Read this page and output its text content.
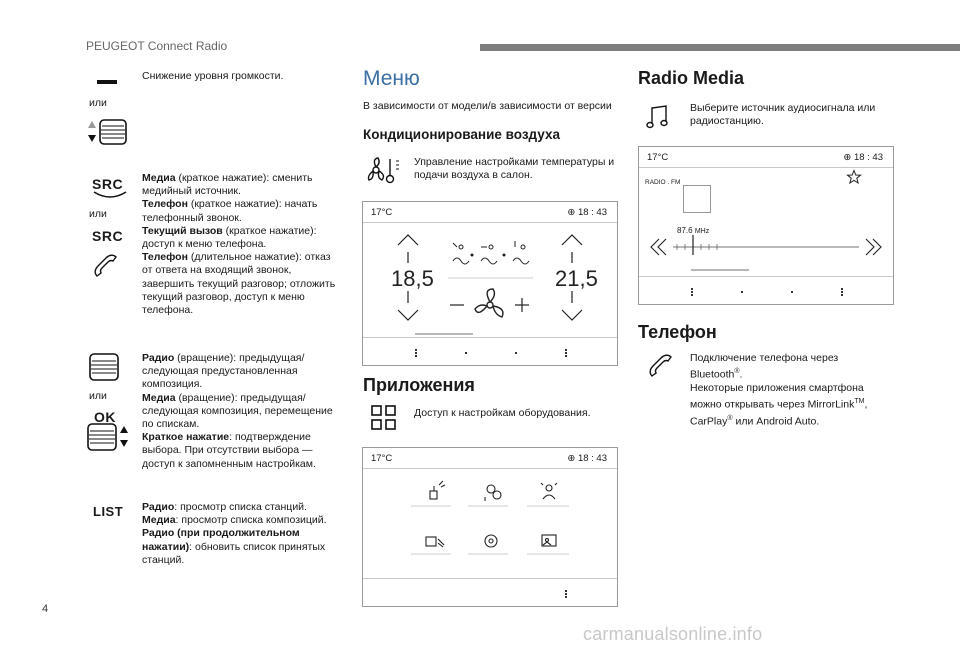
PEUGEOT Connect Radio
Снижение уровня громкости.
или
SRC
или
SRC
Медиа (краткое нажатие): сменить медийный источник.
Телефон (краткое нажатие): начать телефонный звонок.
Текущий вызов (краткое нажатие): доступ к меню телефона.
Телефон (длительное нажатие): отказ от ответа на входящий звонок, завершить текущий разговор; отложить текущий разговор, доступ к меню телефона.
или
OK
Радио (вращение): предыдущая/ следующая предустановленная композиция.
Медиа (вращение): предыдущая/ следующая композиция, перемещение по спискам.
Краткое нажатие: подтверждение выбора. При отсутствии выбора — доступ к запомненным настройкам.
LIST Радио: просмотр списка станций.
Медиа: просмотр списка композиций.
Радио (при продолжительном нажатии): обновить список принятых станций.
Меню
В зависимости от модели/в зависимости от версии
Кондиционирование воздуха
Управление настройками температуры и подачи воздуха в салон.
17°C	⊕ 18 : 43
18,5	21,5
Приложения
Доступ к настройкам оборудования.
17°C	⊕ 18 : 43
Radio Media
Выберите источник аудиосигнала или радиостанцию.
17°C	⊕ 18 : 43
RADIO . FM
87.6 MHz
Телефон
Подключение телефона через Bluetooth®.
Некоторые приложения смартфона можно открывать через MirrorLink™, CarPlay® или Android Auto.
4
carmanualsonline.info
